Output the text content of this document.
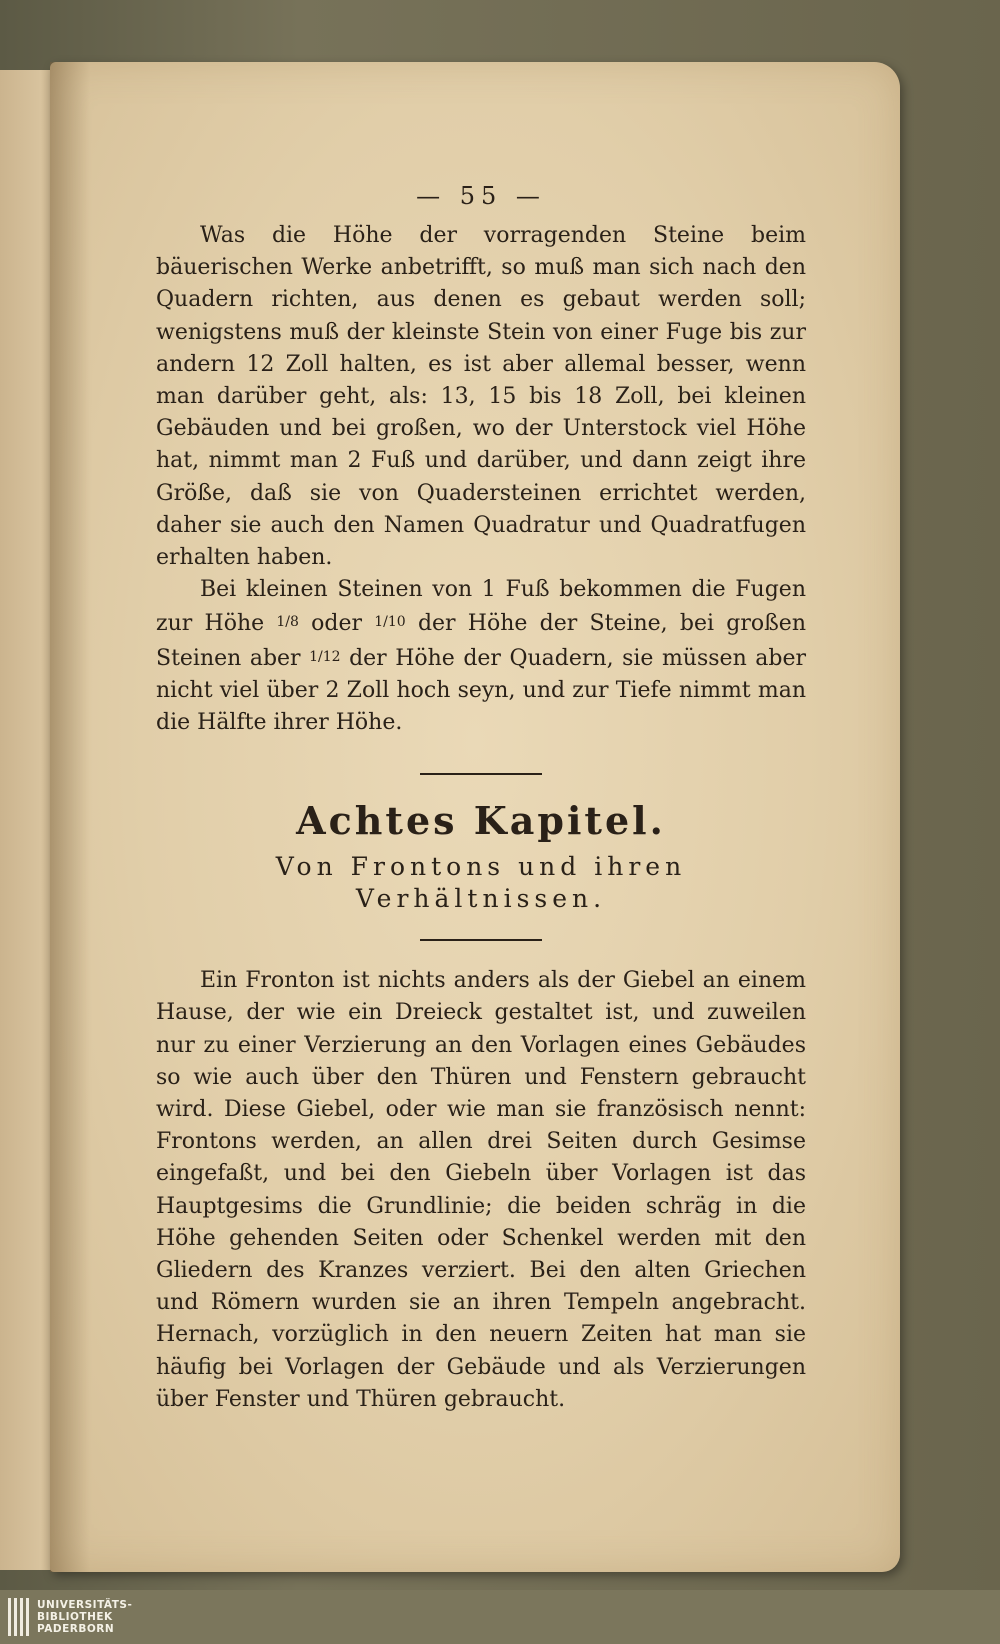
— 55 —

Was die Höhe der vorragenden Steine beim bäuerischen Werke anbetrifft, so muß man sich nach den Quadern richten, aus denen es gebaut werden soll; wenigstens muß der kleinste Stein von einer Fuge bis zur andern 12 Zoll halten, es ist aber allemal besser, wenn man darüber geht, als: 13, 15 bis 18 Zoll, bei kleinen Gebäuden und bei großen, wo der Unterstock viel Höhe hat, nimmt man 2 Fuß und darüber, und dann zeigt ihre Größe, daß sie von Quadersteinen errichtet werden, daher sie auch den Namen Quadratur und Quadratfugen erhalten haben.

Bei kleinen Steinen von 1 Fuß bekommen die Fugen zur Höhe 1/8 oder 1/10 der Höhe der Steine, bei großen Steinen aber 1/12 der Höhe der Quadern, sie müssen aber nicht viel über 2 Zoll hoch seyn, und zur Tiefe nimmt man die Hälfte ihrer Höhe.

Achtes Kapitel.
Von Frontons und ihren Verhältnissen.

Ein Fronton ist nichts anders als der Giebel an einem Hause, der wie ein Dreieck gestaltet ist, und zuweilen nur zu einer Verzierung an den Vorlagen eines Gebäudes so wie auch über den Thüren und Fenstern gebraucht wird. Diese Giebel, oder wie man sie französisch nennt: Frontons werden, an allen drei Seiten durch Gesimse eingefaßt, und bei den Giebeln über Vorlagen ist das Hauptgesims die Grundlinie; die beiden schräg in die Höhe gehenden Seiten oder Schenkel werden mit den Gliedern des Kranzes verziert. Bei den alten Griechen und Römern wurden sie an ihren Tempeln angebracht. Hernach, vorzüglich in den neuern Zeiten hat man sie häufig bei Vorlagen der Gebäude und als Verzierungen über Fenster und Thüren gebraucht.

UNIVERSITÄTS-
BIBLIOTHEK
PADERBORN
